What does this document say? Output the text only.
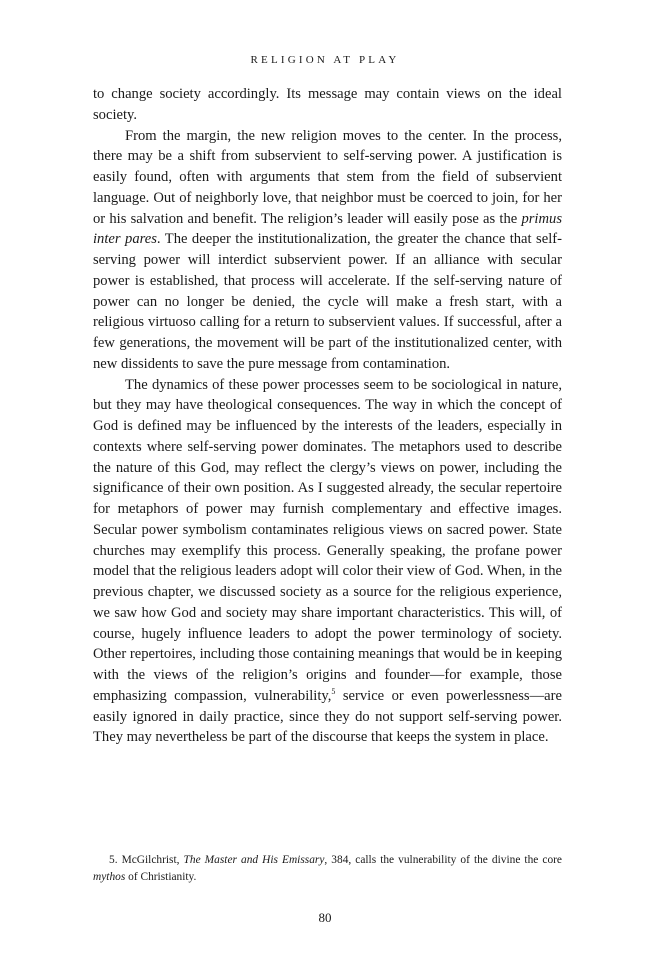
RELIGION AT PLAY

to change society accordingly. Its message may contain views on the ideal society.

From the margin, the new religion moves to the center. In the process, there may be a shift from subservient to self-serving power. A justification is easily found, often with arguments that stem from the field of subservient language. Out of neighborly love, that neighbor must be coerced to join, for her or his salvation and benefit. The religion’s leader will easily pose as the primus inter pares. The deeper the institutionalization, the greater the chance that self-serving power will interdict subservient power. If an alliance with secular power is established, that process will accelerate. If the self-serving nature of power can no longer be denied, the cycle will make a fresh start, with a religious virtuoso calling for a return to subservient values. If successful, after a few generations, the movement will be part of the institutionalized center, with new dissidents to save the pure message from contamination.

The dynamics of these power processes seem to be sociological in nature, but they may have theological consequences. The way in which the concept of God is defined may be influenced by the interests of the leaders, especially in contexts where self-serving power dominates. The metaphors used to describe the nature of this God, may reflect the clergy’s views on power, including the significance of their own position. As I suggested already, the secular repertoire for metaphors of power may furnish complementary and effective images. Secular power symbolism contaminates religious views on sacred power. State churches may exemplify this process. Generally speaking, the profane power model that the religious leaders adopt will color their view of God. When, in the previous chapter, we discussed society as a source for the religious experience, we saw how God and society may share important characteristics. This will, of course, hugely influence leaders to adopt the power terminology of society. Other repertoires, including those containing meanings that would be in keeping with the views of the religion’s origins and founder—for example, those emphasizing compassion, vulnerability,$^5$ service or even powerlessness—are easily ignored in daily practice, since they do not support self-serving power. They may nevertheless be part of the discourse that keeps the system in place.

5. McGilchrist, The Master and His Emissary, 384, calls the vulnerability of the divine the core mythos of Christianity.

80
